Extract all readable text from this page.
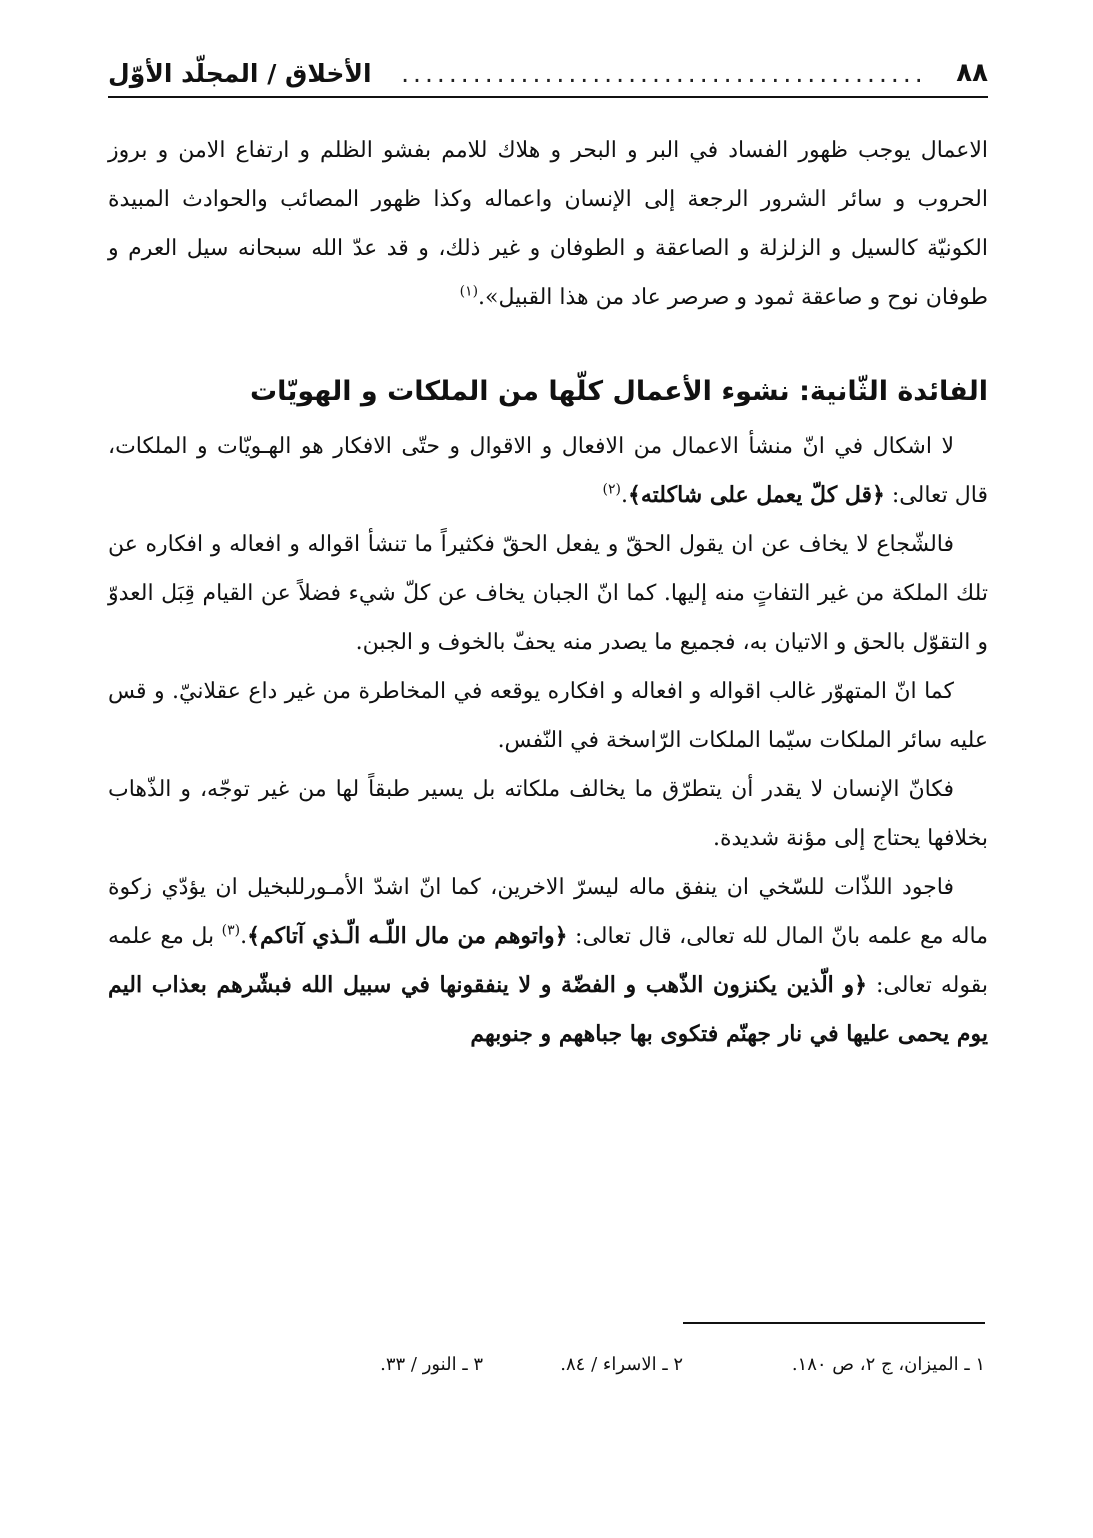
٨٨
............................................
الأخلاق / المجلّد الأوّل

الاعمال يوجب ظهور الفساد في البر و البحر و هلاك للامم بفشو الظلم و ارتفاع الامن و بروز الحروب و سائر الشرور الرجعة إلى الإنسان واعماله وكذا ظهور المصائب والحوادث المبيدة الكونيّة كالسيل و الزلزلة و الصاعقة و الطوفان و غير ذلك، و قد عدّ الله سبحانه سيل العرم و طوفان نوح و صاعقة ثمود و صرصر عاد من هذا القبيل».$^{(١)}$

الفائدة الثّانية: نشوء الأعمال كلّها من الملكات و الهويّات

لا اشكال في انّ منشأ الاعمال من الافعال و الاقوال و حتّى الافكار هو الهـويّات و الملكات، قال تعالى: ﴿قل كلّ يعمل على شاكلته﴾.$^{(٢)}$

فالشّجاع لا يخاف عن ان يقول الحقّ و يفعل الحقّ فكثيراً ما تنشأ اقواله و افعاله و افكاره عن تلك الملكة من غير التفاتٍ منه إليها. كما انّ الجبان يخاف عن كلّ شيء فضلاً عن القيام قِبَل العدوّ و التقوّل بالحق و الاتيان به، فجميع ما يصدر منه يحفّ بالخوف و الجبن.

كما انّ المتهوّر غالب اقواله و افعاله و افكاره يوقعه في المخاطرة من غير داع عقلانيّ. و قس عليه سائر الملكات سيّما الملكات الرّاسخة في النّفس.

فكانّ الإنسان لا يقدر أن يتطرّق ما يخالف ملكاته بل يسير طبقاً لها من غير توجّه، و الذّهاب بخلافها يحتاج إلى مؤنة شديدة.

فاجود اللذّات للسّخي ان ينفق ماله ليسرّ الاخرين، كما انّ اشدّ الأمـورللبخيل ان يؤدّي زكوة ماله مع علمه بانّ المال لله تعالى، قال تعالى: ﴿واتوهم من مال اللّـه الّـذي آتاكم﴾.$^{(٣)}$ بل مع علمه بقوله تعالى: ﴿و الّذين يكنزون الذّهب و الفضّة و لا ينفقونها في سبيل الله فبشّرهم بعذاب اليم يوم يحمى عليها في نار جهنّم فتكوى بها جباههم و جنوبهم

١ ـ الميزان، ج ٢، ص ١٨٠.
٢ ـ الاسراء / ٨٤.
٣ ـ النور / ٣٣.
